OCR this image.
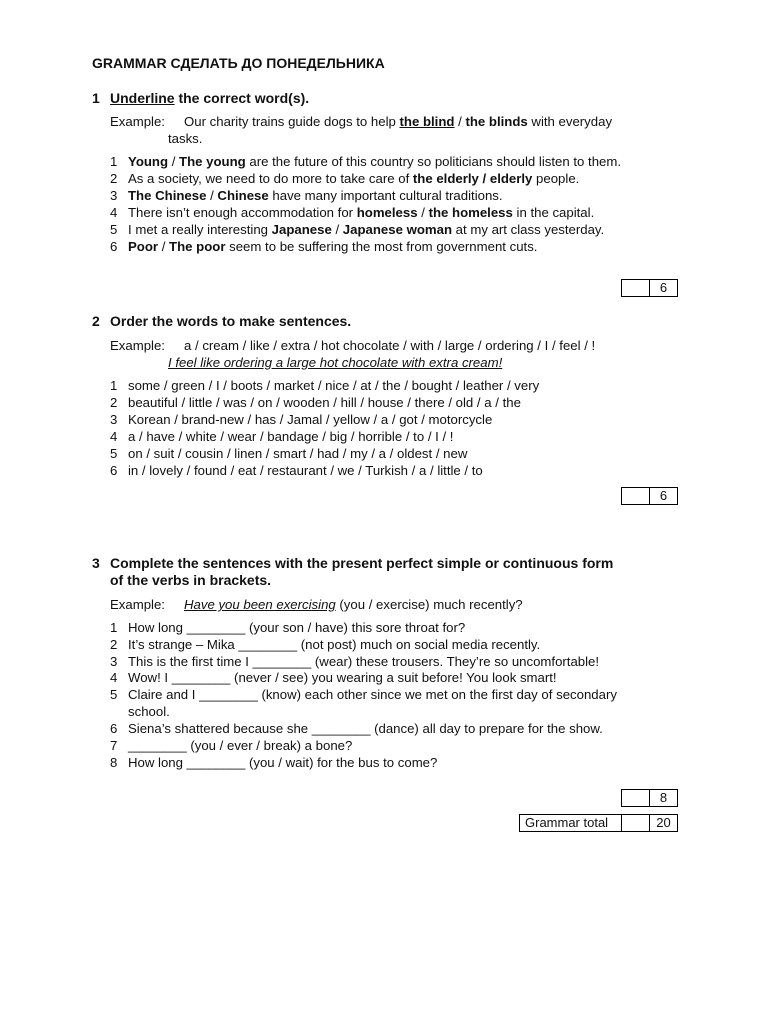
GRAMMAR СДЕЛАТЬ ДО ПОНЕДЕЛЬНИКА
1 Underline the correct word(s).
Example: Our charity trains guide dogs to help the blind / the blinds with everyday
tasks.
1 Young / The young are the future of this country so politicians should listen to them.
2 As a society, we need to do more to take care of the elderly / elderly people.
3 The Chinese / Chinese have many important cultural traditions.
4 There isn’t enough accommodation for homeless / the homeless in the capital.
5 I met a really interesting Japanese / Japanese woman at my art class yesterday.
6 Poor / The poor seem to be suffering the most from government cuts.
6
2 Order the words to make sentences.
Example: a / cream / like / extra / hot chocolate / with / large / ordering / I / feel / !
I feel like ordering a large hot chocolate with extra cream!
1 some / green / I / boots / market / nice / at / the / bought / leather / very
2 beautiful / little / was / on / wooden / hill / house / there / old / a / the
3 Korean / brand-new / has / Jamal / yellow / a / got / motorcycle
4 a / have / white / wear / bandage / big / horrible / to / I / !
5 on / suit / cousin / linen / smart / had / my / a / oldest / new
6 in / lovely / found / eat / restaurant / we / Turkish / a / little / to
6
3 Complete the sentences with the present perfect simple or continuous form
of the verbs in brackets.
Example: Have you been exercising (you / exercise) much recently?
1 How long ________ (your son / have) this sore throat for?
2 It’s strange – Mika ________ (not post) much on social media recently.
3 This is the first time I ________ (wear) these trousers. They’re so uncomfortable!
4 Wow! I ________ (never / see) you wearing a suit before! You look smart!
5 Claire and I ________ (know) each other since we met on the first day of secondary
school.
6 Siena’s shattered because she ________ (dance) all day to prepare for the show.
7 ________ (you / ever / break) a bone?
8 How long ________ (you / wait) for the bus to come?
8
Grammar total	20
